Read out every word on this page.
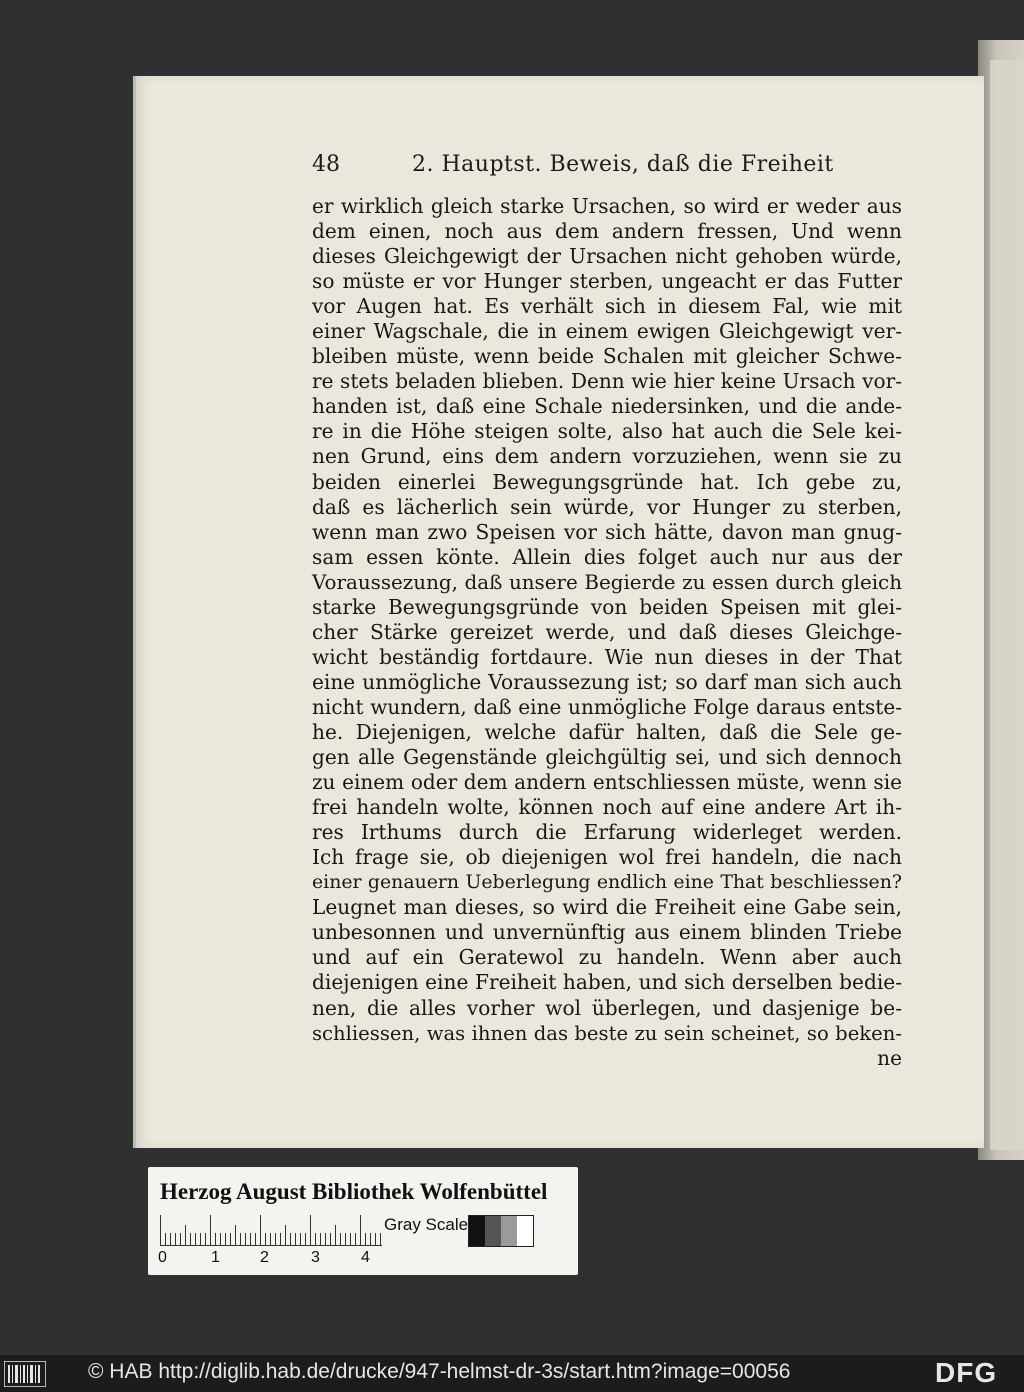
48	2. Hauptst. Beweis, daß die Freiheit
er wirklich gleich starke Ursachen, so wird er weder aus
dem einen, noch aus dem andern fressen, Und wenn
dieses Gleichgewigt der Ursachen nicht gehoben würde,
so müste er vor Hunger sterben, ungeacht er das Futter
vor Augen hat. Es verhält sich in diesem Fal, wie mit
einer Wagschale, die in einem ewigen Gleichgewigt ver-
bleiben müste, wenn beide Schalen mit gleicher Schwe-
re stets beladen blieben. Denn wie hier keine Ursach vor-
handen ist, daß eine Schale niedersinken, und die ande-
re in die Höhe steigen solte, also hat auch die Sele kei-
nen Grund, eins dem andern vorzuziehen, wenn sie zu
beiden einerlei Bewegungsgründe hat. Ich gebe zu,
daß es lächerlich sein würde, vor Hunger zu sterben,
wenn man zwo Speisen vor sich hätte, davon man gnug-
sam essen könte. Allein dies folget auch nur aus der
Voraussezung, daß unsere Begierde zu essen durch gleich
starke Bewegungsgründe von beiden Speisen mit glei-
cher Stärke gereizet werde, und daß dieses Gleichge-
wicht beständig fortdaure. Wie nun dieses in der That
eine unmögliche Voraussezung ist; so darf man sich auch
nicht wundern, daß eine unmögliche Folge daraus entste-
he. Diejenigen, welche dafür halten, daß die Sele ge-
gen alle Gegenstände gleichgültig sei, und sich dennoch
zu einem oder dem andern entschliessen müste, wenn sie
frei handeln wolte, können noch auf eine andere Art ih-
res Irthums durch die Erfarung widerleget werden.
Ich frage sie, ob diejenigen wol frei handeln, die nach
einer genauern Ueberlegung endlich eine That beschliessen?
Leugnet man dieses, so wird die Freiheit eine Gabe sein,
unbesonnen und unvernünftig aus einem blinden Triebe
und auf ein Geratewol zu handeln. Wenn aber auch
diejenigen eine Freiheit haben, und sich derselben bedie-
nen, die alles vorher wol überlegen, und dasjenige be-
schliessen, was ihnen das beste zu sein scheinet, so beken-
ne
Herzog August Bibliothek Wolfenbüttel
0	1	2	3	4
Gray Scale
© HAB http://diglib.hab.de/drucke/947-helmst-dr-3s/start.htm?image=00056	DFG
